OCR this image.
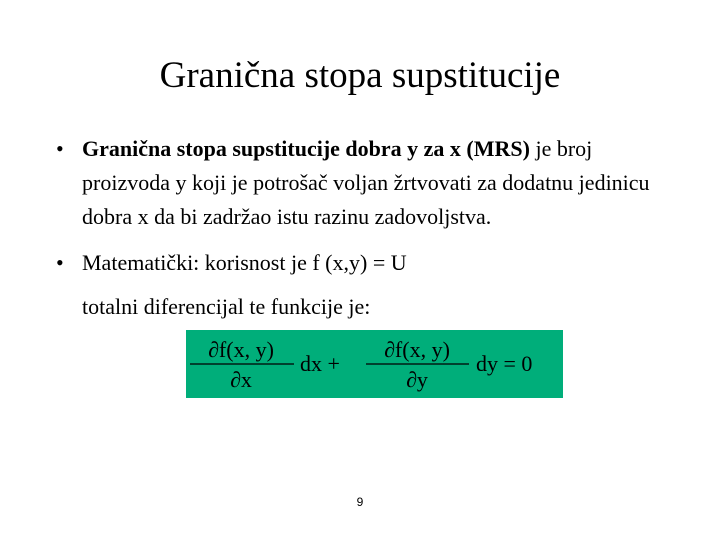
Granična stopa supstitucije
• Granična stopa supstitucije dobra y za x (MRS) je broj proizvoda y koji je potrošač voljan žrtvovati za dodatnu jedinicu dobra x da bi zadržao istu razinu zadovoljstva.
• Matematički: korisnost je f (x,y) = U
totalni diferencijal te funkcije je:
∂f(x, y)
∂x
dx +
∂f(x, y)
∂y
dy = 0
9
